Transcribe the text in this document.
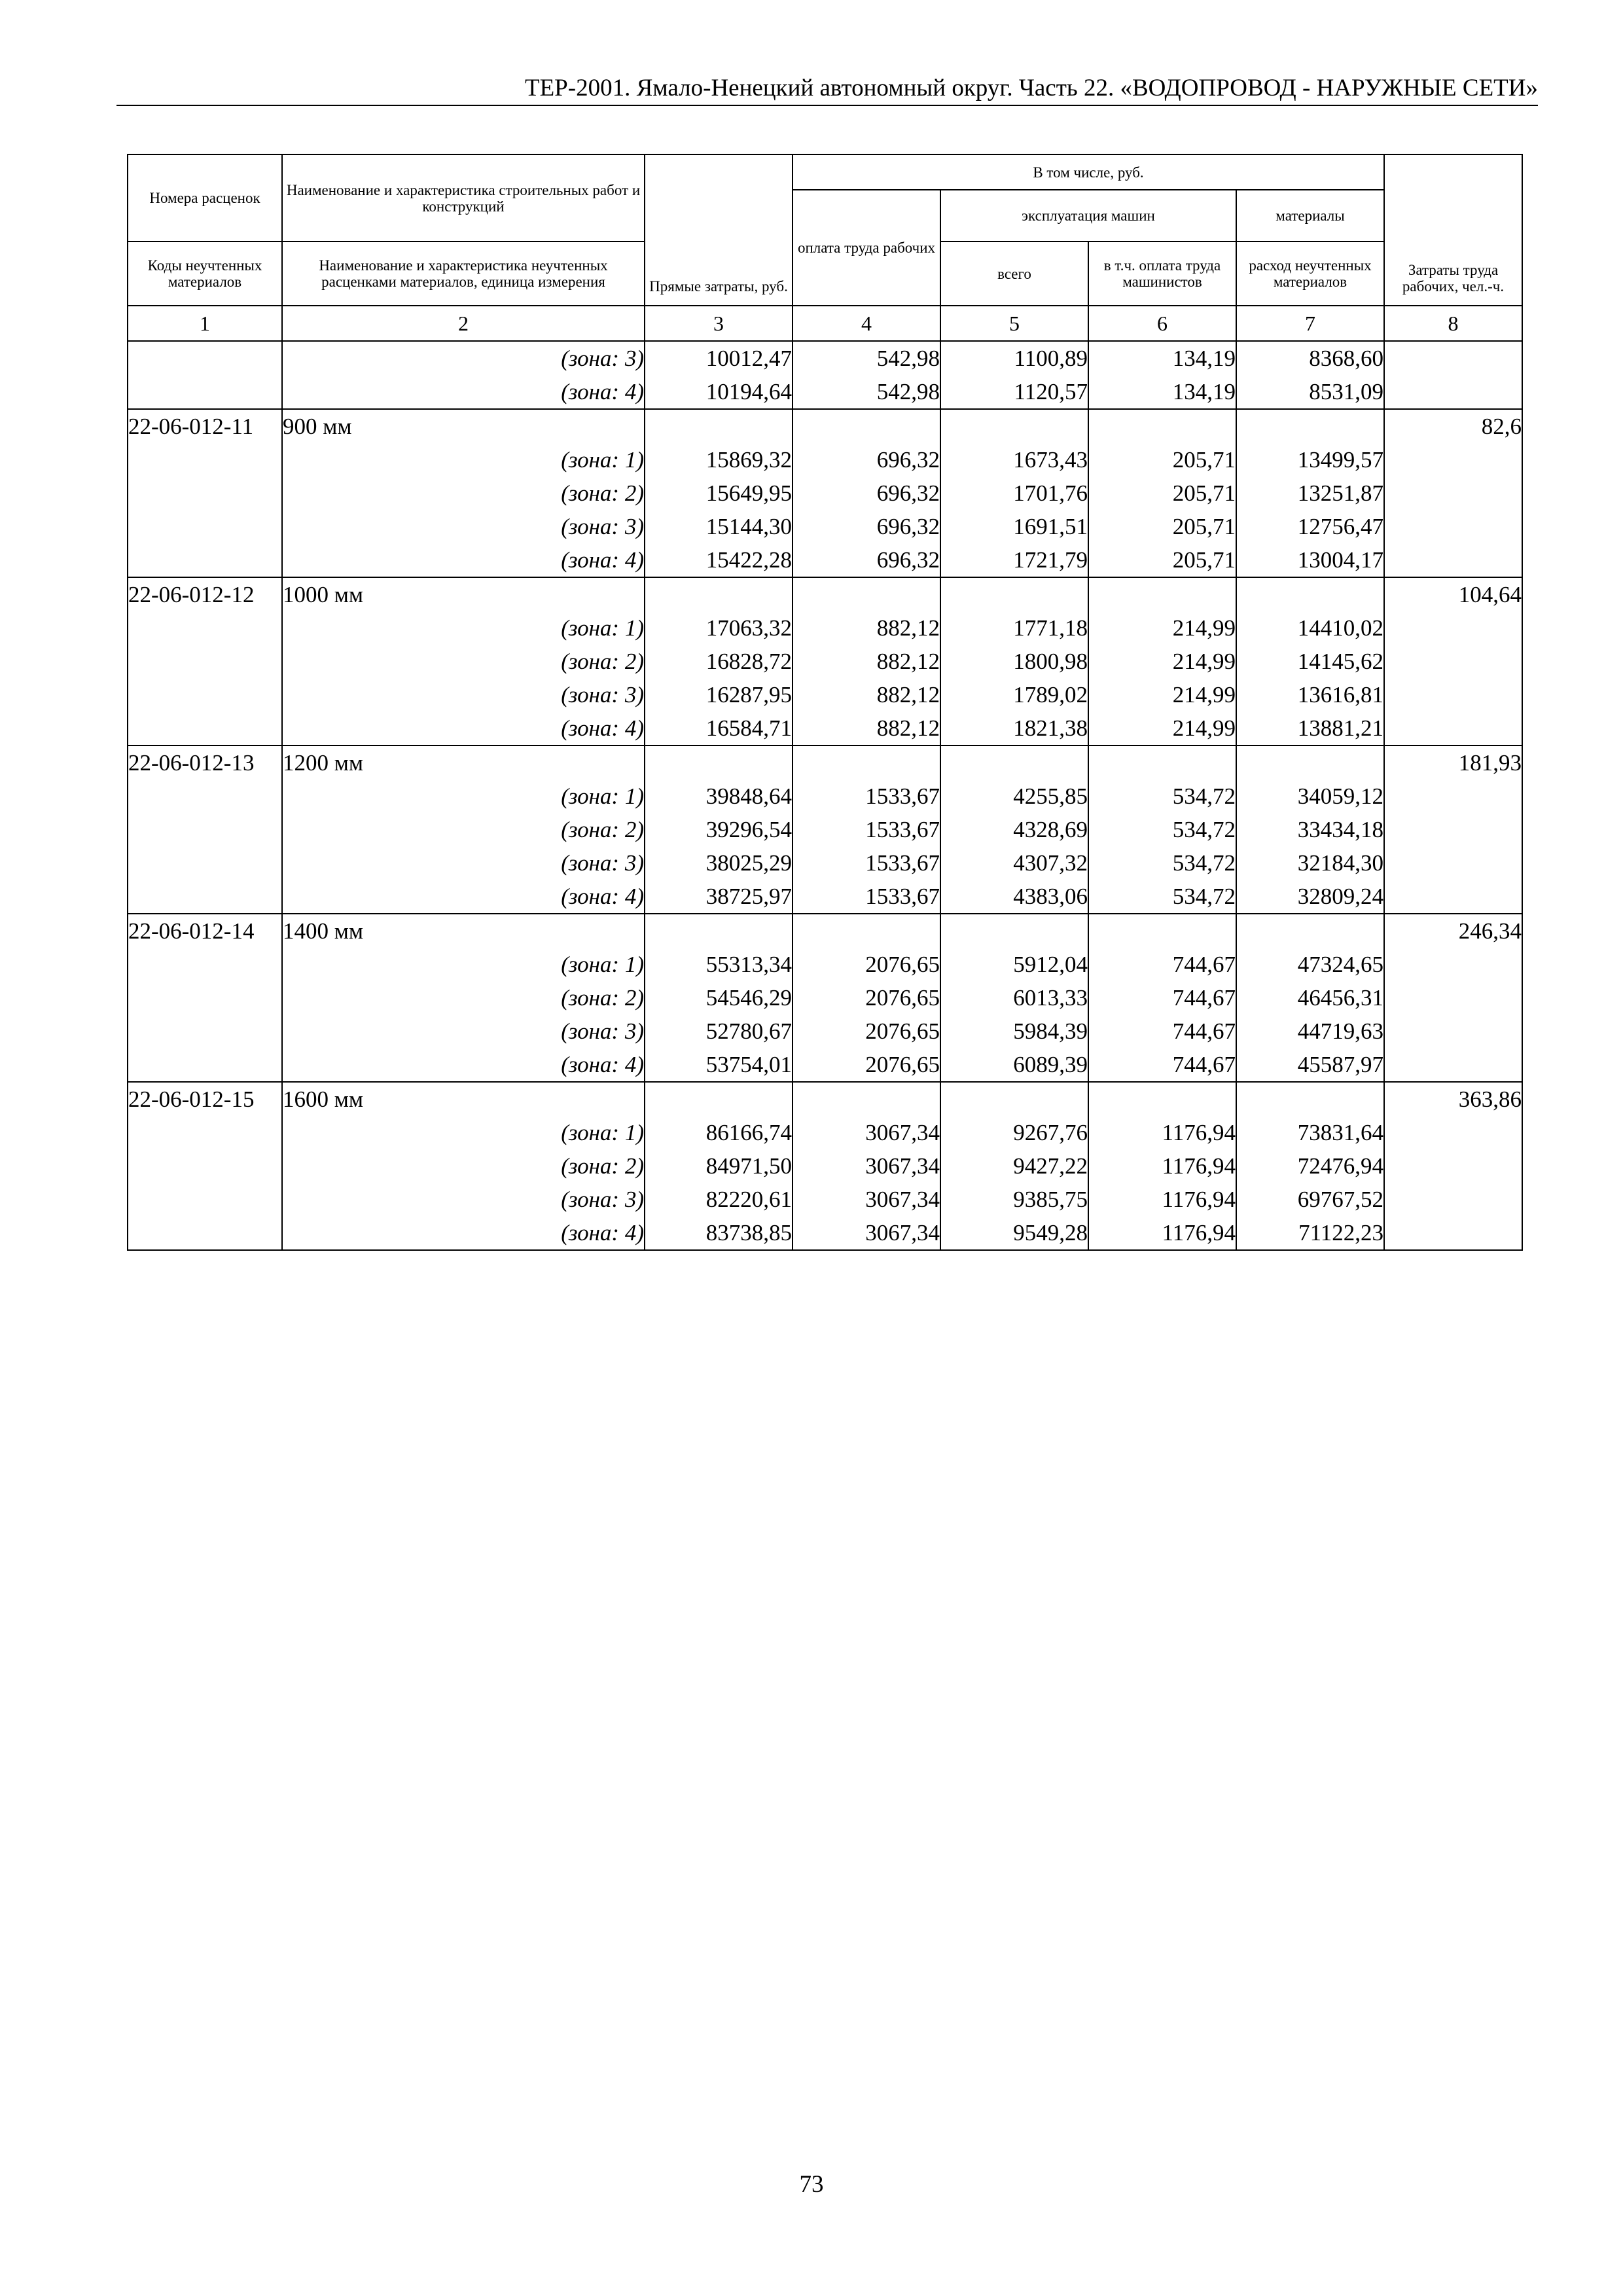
ТЕР-2001. Ямало-Ненецкий автономный округ. Часть 22. «ВОДОПРОВОД - НАРУЖНЫЕ СЕТИ»
Номера расценок	Наименование и характеристика строительных работ и конструкций	Прямые затраты, руб.	В том числе, руб.				Затраты труда рабочих, чел.-ч.
			оплата труда рабочих	эксплуатация машин		материалы	
Коды неучтенных материалов	Наименование и характеристика неучтенных расценками материалов, единица измерения			всего	в т.ч. оплата труда машинистов	расход неучтенных материалов	
1	2	3	4	5	6	7	8
	(зона: 3)	10012,47	542,98	1100,89	134,19	8368,60	
	(зона: 4)	10194,64	542,98	1120,57	134,19	8531,09	
22-06-012-11	900 мм						82,6
	(зона: 1)	15869,32	696,32	1673,43	205,71	13499,57	
	(зона: 2)	15649,95	696,32	1701,76	205,71	13251,87	
	(зона: 3)	15144,30	696,32	1691,51	205,71	12756,47	
	(зона: 4)	15422,28	696,32	1721,79	205,71	13004,17	
22-06-012-12	1000 мм						104,64
	(зона: 1)	17063,32	882,12	1771,18	214,99	14410,02	
	(зона: 2)	16828,72	882,12	1800,98	214,99	14145,62	
	(зона: 3)	16287,95	882,12	1789,02	214,99	13616,81	
	(зона: 4)	16584,71	882,12	1821,38	214,99	13881,21	
22-06-012-13	1200 мм						181,93
	(зона: 1)	39848,64	1533,67	4255,85	534,72	34059,12	
	(зона: 2)	39296,54	1533,67	4328,69	534,72	33434,18	
	(зона: 3)	38025,29	1533,67	4307,32	534,72	32184,30	
	(зона: 4)	38725,97	1533,67	4383,06	534,72	32809,24	
22-06-012-14	1400 мм						246,34
	(зона: 1)	55313,34	2076,65	5912,04	744,67	47324,65	
	(зона: 2)	54546,29	2076,65	6013,33	744,67	46456,31	
	(зона: 3)	52780,67	2076,65	5984,39	744,67	44719,63	
	(зона: 4)	53754,01	2076,65	6089,39	744,67	45587,97	
22-06-012-15	1600 мм						363,86
	(зона: 1)	86166,74	3067,34	9267,76	1176,94	73831,64	
	(зона: 2)	84971,50	3067,34	9427,22	1176,94	72476,94	
	(зона: 3)	82220,61	3067,34	9385,75	1176,94	69767,52	
	(зона: 4)	83738,85	3067,34	9549,28	1176,94	71122,23	
73
